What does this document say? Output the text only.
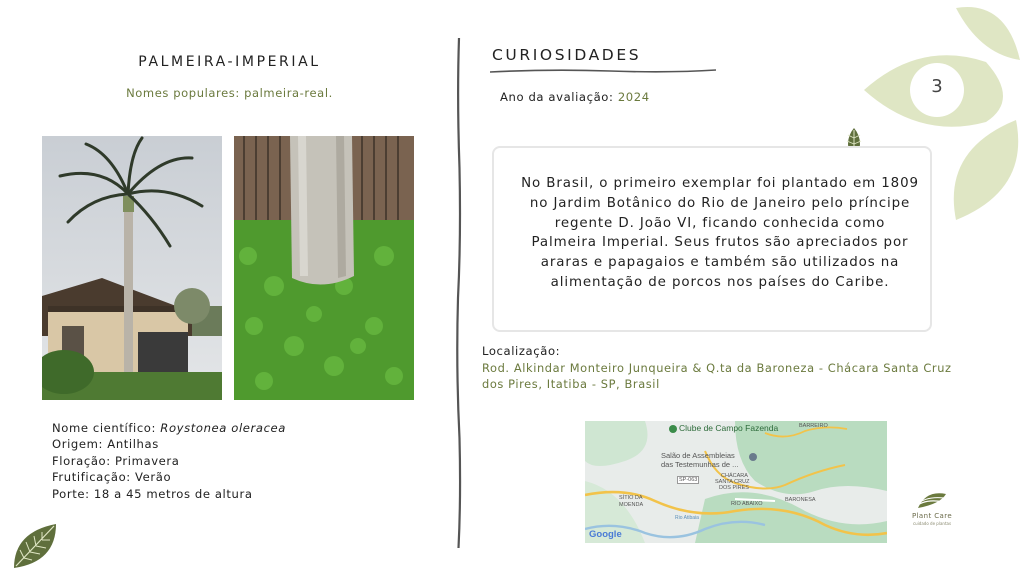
PALMEIRA-IMPERIAL
Nomes populares: palmeira-real.
Nome científico: Roystonea oleracea
Origem: Antilhas
Floração: Primavera
Frutificação: Verão
Porte: 18 a 45 metros de altura
CURIOSIDADES
Ano da avaliação: 2024	3
No Brasil, o primeiro exemplar foi plantado em 1809 no Jardim Botânico do Rio de Janeiro pelo príncipe regente D. João VI, ficando conhecida como Palmeira Imperial. Seus frutos são apreciados por araras e papagaios e também são utilizados na alimentação de porcos nos países do Caribe.
Localização:
Rod. Alkindar Monteiro Junqueira & Q.ta da Baroneza - Chácara Santa Cruz dos Pires, Itatiba - SP, Brasil
Clube de Campo Fazenda	BARREIRO
Salão de Assembleias
das Testemunhas de ...
SP-063
CHÁCARA
SANTA CRUZ
DOS PIRES
SÍTIO DA
MOENDA
BARONESA
RIO ABAIXO
Rio Atibaia
Google
Plant Care
cuidado de plantas
